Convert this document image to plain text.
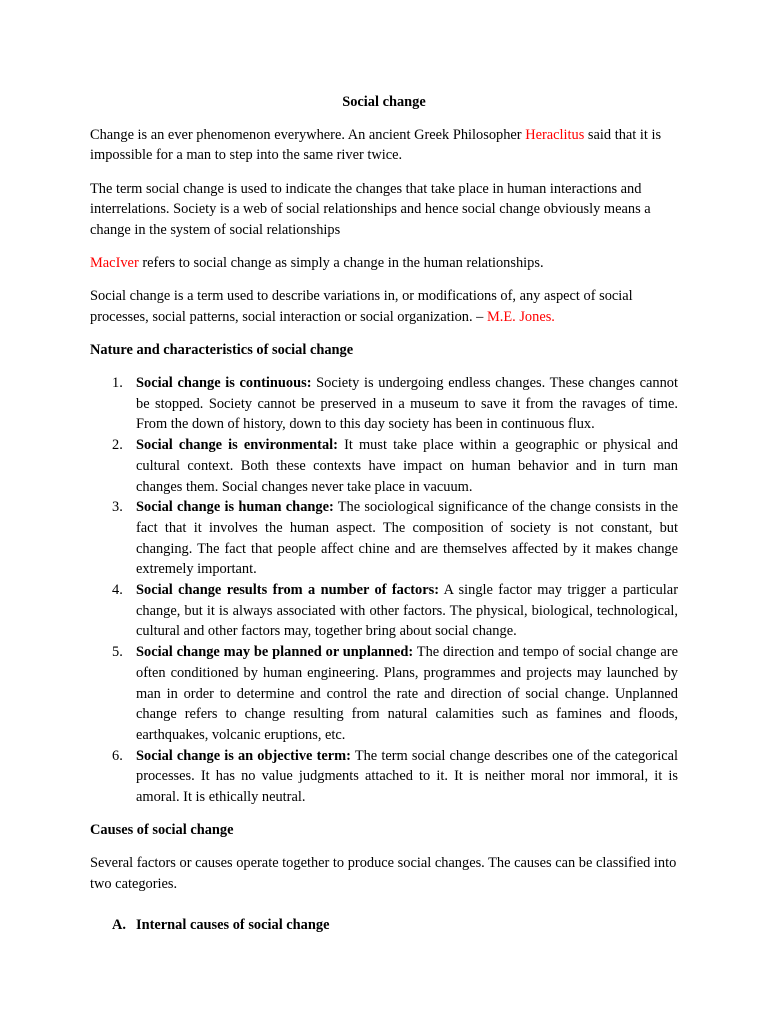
Social change

Change is an ever phenomenon everywhere. An ancient Greek Philosopher Heraclitus said that it is impossible for a man to step into the same river twice.

The term social change is used to indicate the changes that take place in human interactions and interrelations. Society is a web of social relationships and hence social change obviously means a change in the system of social relationships

MacIver refers to social change as simply a change in the human relationships.

Social change is a term used to describe variations in, or modifications of, any aspect of social processes, social patterns, social interaction or social organization. – M.E. Jones.

Nature and characteristics of social change
1. Social change is continuous: Society is undergoing endless changes. These changes cannot be stopped. Society cannot be preserved in a museum to save it from the ravages of time. From the down of history, down to this day society has been in continuous flux.
2. Social change is environmental: It must take place within a geographic or physical and cultural context. Both these contexts have impact on human behavior and in turn man changes them. Social changes never take place in vacuum.
3. Social change is human change: The sociological significance of the change consists in the fact that it involves the human aspect. The composition of society is not constant, but changing. The fact that people affect chine and are themselves affected by it makes change extremely important.
4. Social change results from a number of factors: A single factor may trigger a particular change, but it is always associated with other factors. The physical, biological, technological, cultural and other factors may, together bring about social change.
5. Social change may be planned or unplanned: The direction and tempo of social change are often conditioned by human engineering. Plans, programmes and projects may launched by man in order to determine and control the rate and direction of social change. Unplanned change refers to change resulting from natural calamities such as famines and floods, earthquakes, volcanic eruptions, etc.
6. Social change is an objective term: The term social change describes one of the categorical processes. It has no value judgments attached to it. It is neither moral nor immoral, it is amoral. It is ethically neutral.
Causes of social change

Several factors or causes operate together to produce social changes. The causes can be classified into two categories.

A. Internal causes of social change
